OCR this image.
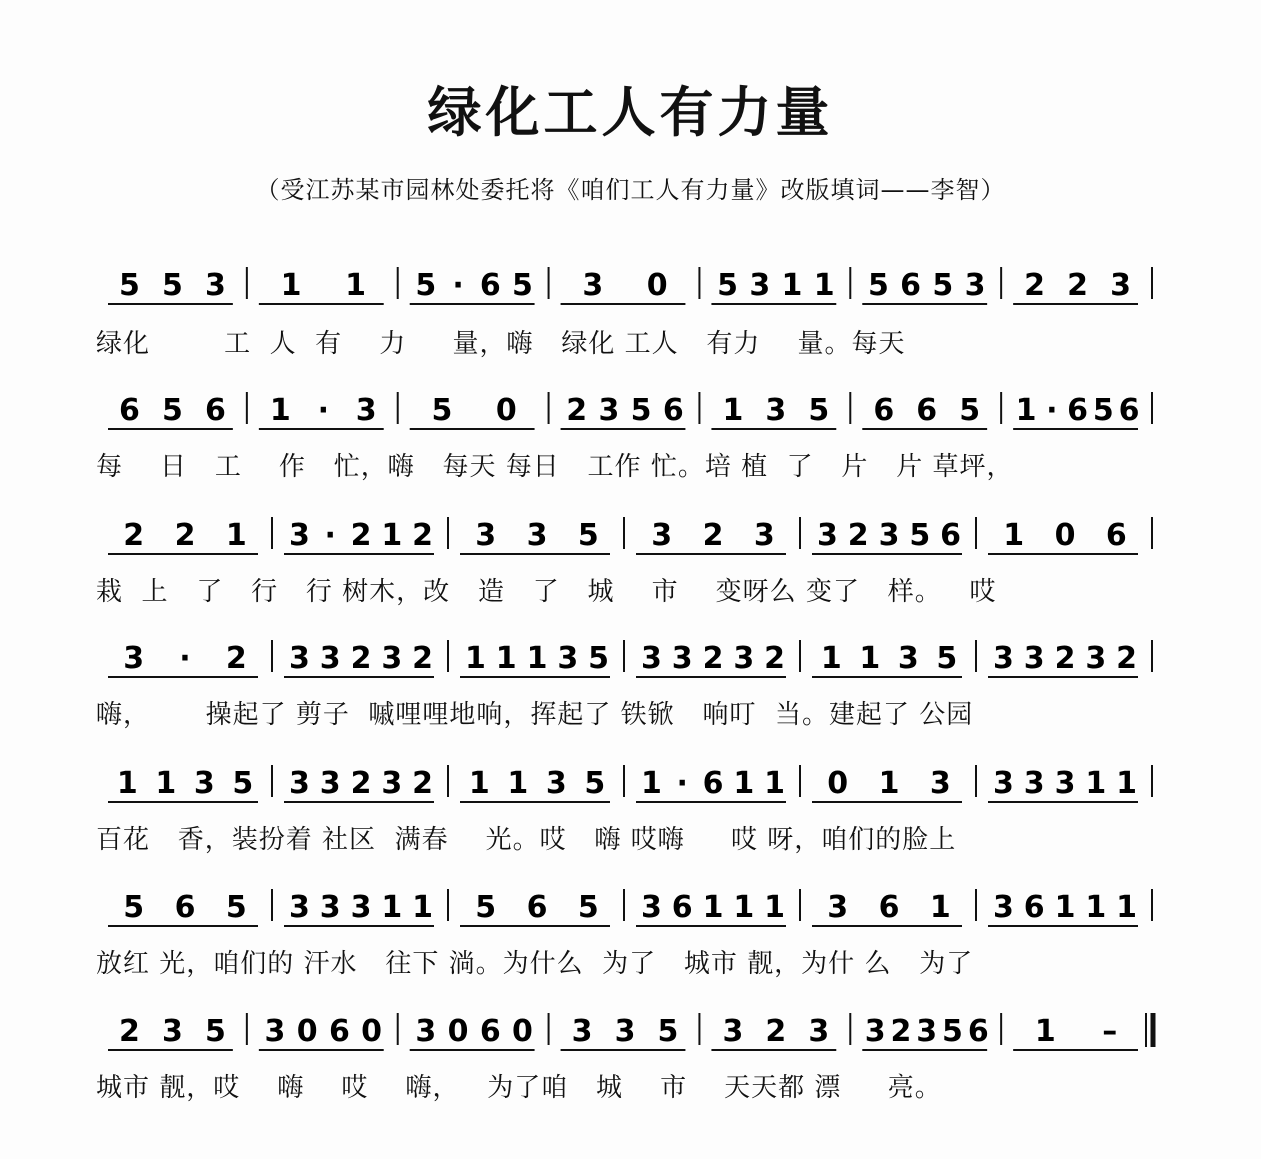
绿化工人有力量
（受江苏某市园林处委托将《咱们工人有力量》改版填词——李智）
5 5 3 1 1 5 · 6 5 3 0 5 3 1 1 5 6 5 3 2 2 3
6 5 6 1 · 3 5 0 2 3 5 6 1 3 5 6 6 5 1 · 6 5 6
2 2 1 3 · 2 1 2 3 3 5 3 2 3 3 2 3 5 6 1 0 6
3 · 2 3 3 2 3 2 1 1 1 3 5 3 3 2 3 2 1 1 3 5 3 3 2 3 2
1 1 3 5 3 3 2 3 2 1 1 3 5 1 · 6 1 1 0 1 3 3 3 3 1 1
5 6 5 3 3 3 1 1 5 6 5 3 6 1 1 1 3 6 1 3 6 1 1 1
2 3 5 3 0 6 0 3 0 6 0 3 3 5 3 2 3 3 2 3 5 6 1 –
绿化        工  人  有    力     量，嗨   绿化 工人   有力    量。每天
每    日   工    作   忙，嗨   每天 每日   工作 忙。培 植  了   片   片 草坪，
栽  上   了   行   行 树木，改   造   了   城    市    变呀么 变了   样。   哎
嗨，      操起了 剪子  嘁哩哩地响，挥起了 铁锨   响叮  当。建起了 公园
百花   香，装扮着 社区  满春    光。哎   嗨 哎嗨     哎 呀，咱们的脸上
放红 光，咱们的 汗水   往下 淌。为什么  为了   城市 靓，为什 么   为了
城市 靓，哎    嗨    哎    嗨，   为了咱   城    市    天天都 漂     亮。
